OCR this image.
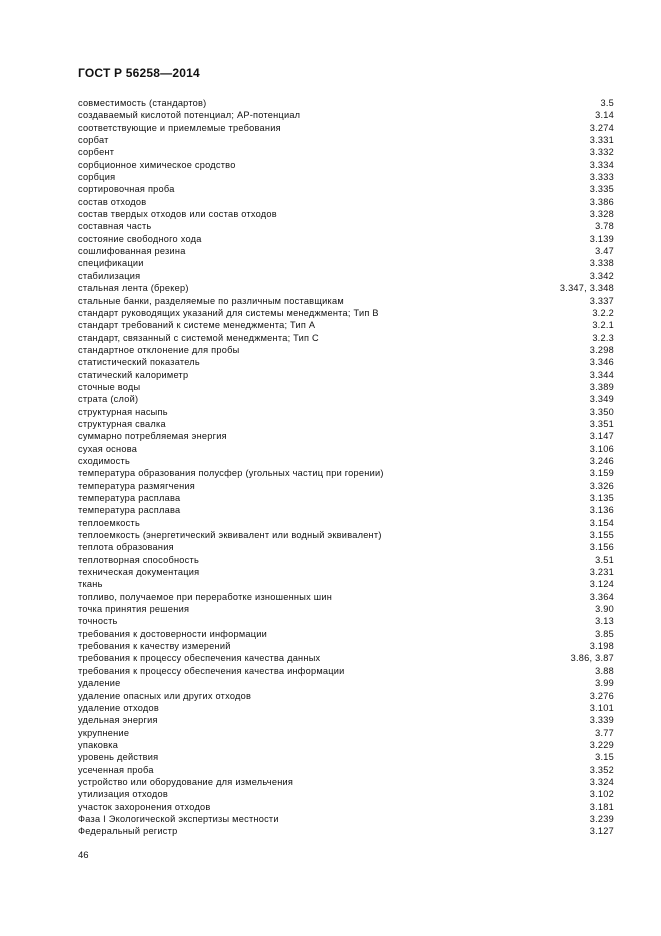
ГОСТ Р 56258—2014
совместимость (стандартов)	3.5
создаваемый кислотой потенциал; АР-потенциал	3.14
соответствующие и приемлемые требования	3.274
сорбат	3.331
сорбент	3.332
сорбционное химическое сродство	3.334
сорбция	3.333
сортировочная проба	3.335
состав отходов	3.386
состав твердых отходов или состав отходов	3.328
составная часть	3.78
состояние свободного хода	3.139
сошлифованная резина	3.47
спецификации	3.338
стабилизация	3.342
стальная лента (брекер)	3.347, 3.348
стальные банки, разделяемые по различным поставщикам	3.337
стандарт руководящих указаний для системы менеджмента; Тип В	3.2.2
стандарт требований к системе менеджмента; Тип А	3.2.1
стандарт, связанный с системой менеджмента; Тип С	3.2.3
стандартное отклонение для пробы	3.298
статистический показатель	3.346
статический калориметр	3.344
сточные воды	3.389
страта (слой)	3.349
структурная насыпь	3.350
структурная свалка	3.351
суммарно потребляемая энергия	3.147
сухая основа	3.106
сходимость	3.246
температура образования полусфер (угольных частиц при горении)	3.159
температура размягчения	3.326
температура расплава	3.135
температура расплава	3.136
теплоемкость	3.154
теплоемкость (энергетический эквивалент или водный эквивалент)	3.155
теплота образования	3.156
теплотворная способность	3.51
техническая документация	3.231
ткань	3.124
топливо, получаемое при переработке изношенных шин	3.364
точка принятия решения	3.90
точность	3.13
требования к достоверности информации	3.85
требования к качеству измерений	3.198
требования к процессу обеспечения качества данных	3.86, 3.87
требования к процессу обеспечения качества информации	3.88
удаление	3.99
удаление опасных или других отходов	3.276
удаление отходов	3.101
удельная энергия	3.339
укрупнение	3.77
упаковка	3.229
уровень действия	3.15
усеченная проба	3.352
устройство или оборудование для измельчения	3.324
утилизация отходов	3.102
участок захоронения отходов	3.181
Фаза I Экологической экспертизы местности	3.239
Федеральный регистр	3.127
46
